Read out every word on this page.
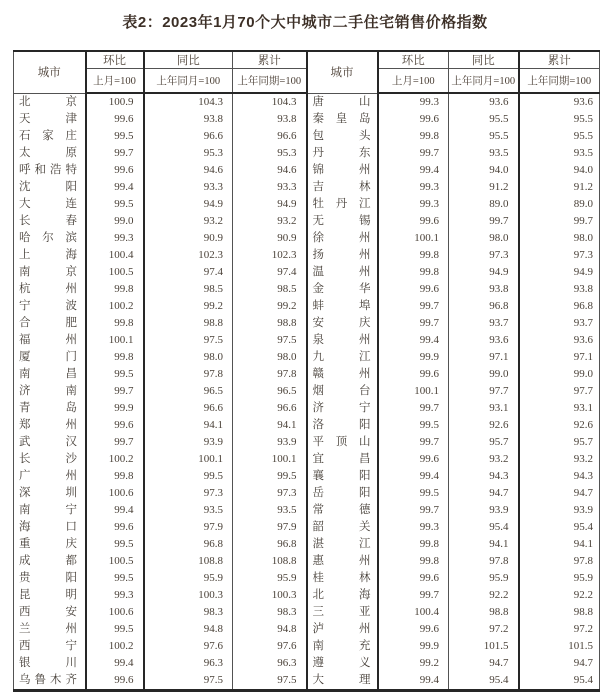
表2：2023年1月70个大中城市二手住宅销售价格指数
城市	环比	同比	累计	城市	环比	同比	累计
	上月=100	上年同月=100	上年同期=100		上月=100	上年同月=100	上年同期=100

北京	100.9	104.3	104.3	唐山	99.3	93.6	93.6

天津	99.6	93.8	93.8	秦皇岛	99.6	95.5	95.5

石家庄	99.5	96.6	96.6	包头	99.8	95.5	95.5

太原	99.7	95.3	95.3	丹东	99.7	93.5	93.5

呼和浩特	99.6	94.6	94.6	锦州	99.4	94.0	94.0

沈阳	99.4	93.3	93.3	吉林	99.3	91.2	91.2

大连	99.5	94.9	94.9	牡丹江	99.3	89.0	89.0

长春	99.0	93.2	93.2	无锡	99.6	99.7	99.7

哈尔滨	99.3	90.9	90.9	徐州	100.1	98.0	98.0

上海	100.4	102.3	102.3	扬州	99.8	97.3	97.3

南京	100.5	97.4	97.4	温州	99.8	94.9	94.9

杭州	99.8	98.5	98.5	金华	99.6	93.8	93.8

宁波	100.2	99.2	99.2	蚌埠	99.7	96.8	96.8

合肥	99.8	98.8	98.8	安庆	99.7	93.7	93.7

福州	100.1	97.5	97.5	泉州	99.4	93.6	93.6

厦门	99.8	98.0	98.0	九江	99.9	97.1	97.1

南昌	99.5	97.8	97.8	赣州	99.6	99.0	99.0

济南	99.7	96.5	96.5	烟台	100.1	97.7	97.7

青岛	99.9	96.6	96.6	济宁	99.7	93.1	93.1

郑州	99.6	94.1	94.1	洛阳	99.5	92.6	92.6

武汉	99.7	93.9	93.9	平顶山	99.7	95.7	95.7

长沙	100.2	100.1	100.1	宜昌	99.6	93.2	93.2

广州	99.8	99.5	99.5	襄阳	99.4	94.3	94.3

深圳	100.6	97.3	97.3	岳阳	99.5	94.7	94.7

南宁	99.4	93.5	93.5	常德	99.7	93.9	93.9

海口	99.6	97.9	97.9	韶关	99.3	95.4	95.4

重庆	99.5	96.8	96.8	湛江	99.8	94.1	94.1

成都	100.5	108.8	108.8	惠州	99.8	97.8	97.8

贵阳	99.5	95.9	95.9	桂林	99.6	95.9	95.9

昆明	99.3	100.3	100.3	北海	99.7	92.2	92.2

西安	100.6	98.3	98.3	三亚	100.4	98.8	98.8

兰州	99.5	94.8	94.8	泸州	99.6	97.2	97.2

西宁	100.2	97.6	97.6	南充	99.9	101.5	101.5

银川	99.4	96.3	96.3	遵义	99.2	94.7	94.7

乌鲁木齐	99.6	97.5	97.5	大理	99.4	95.4	95.4
